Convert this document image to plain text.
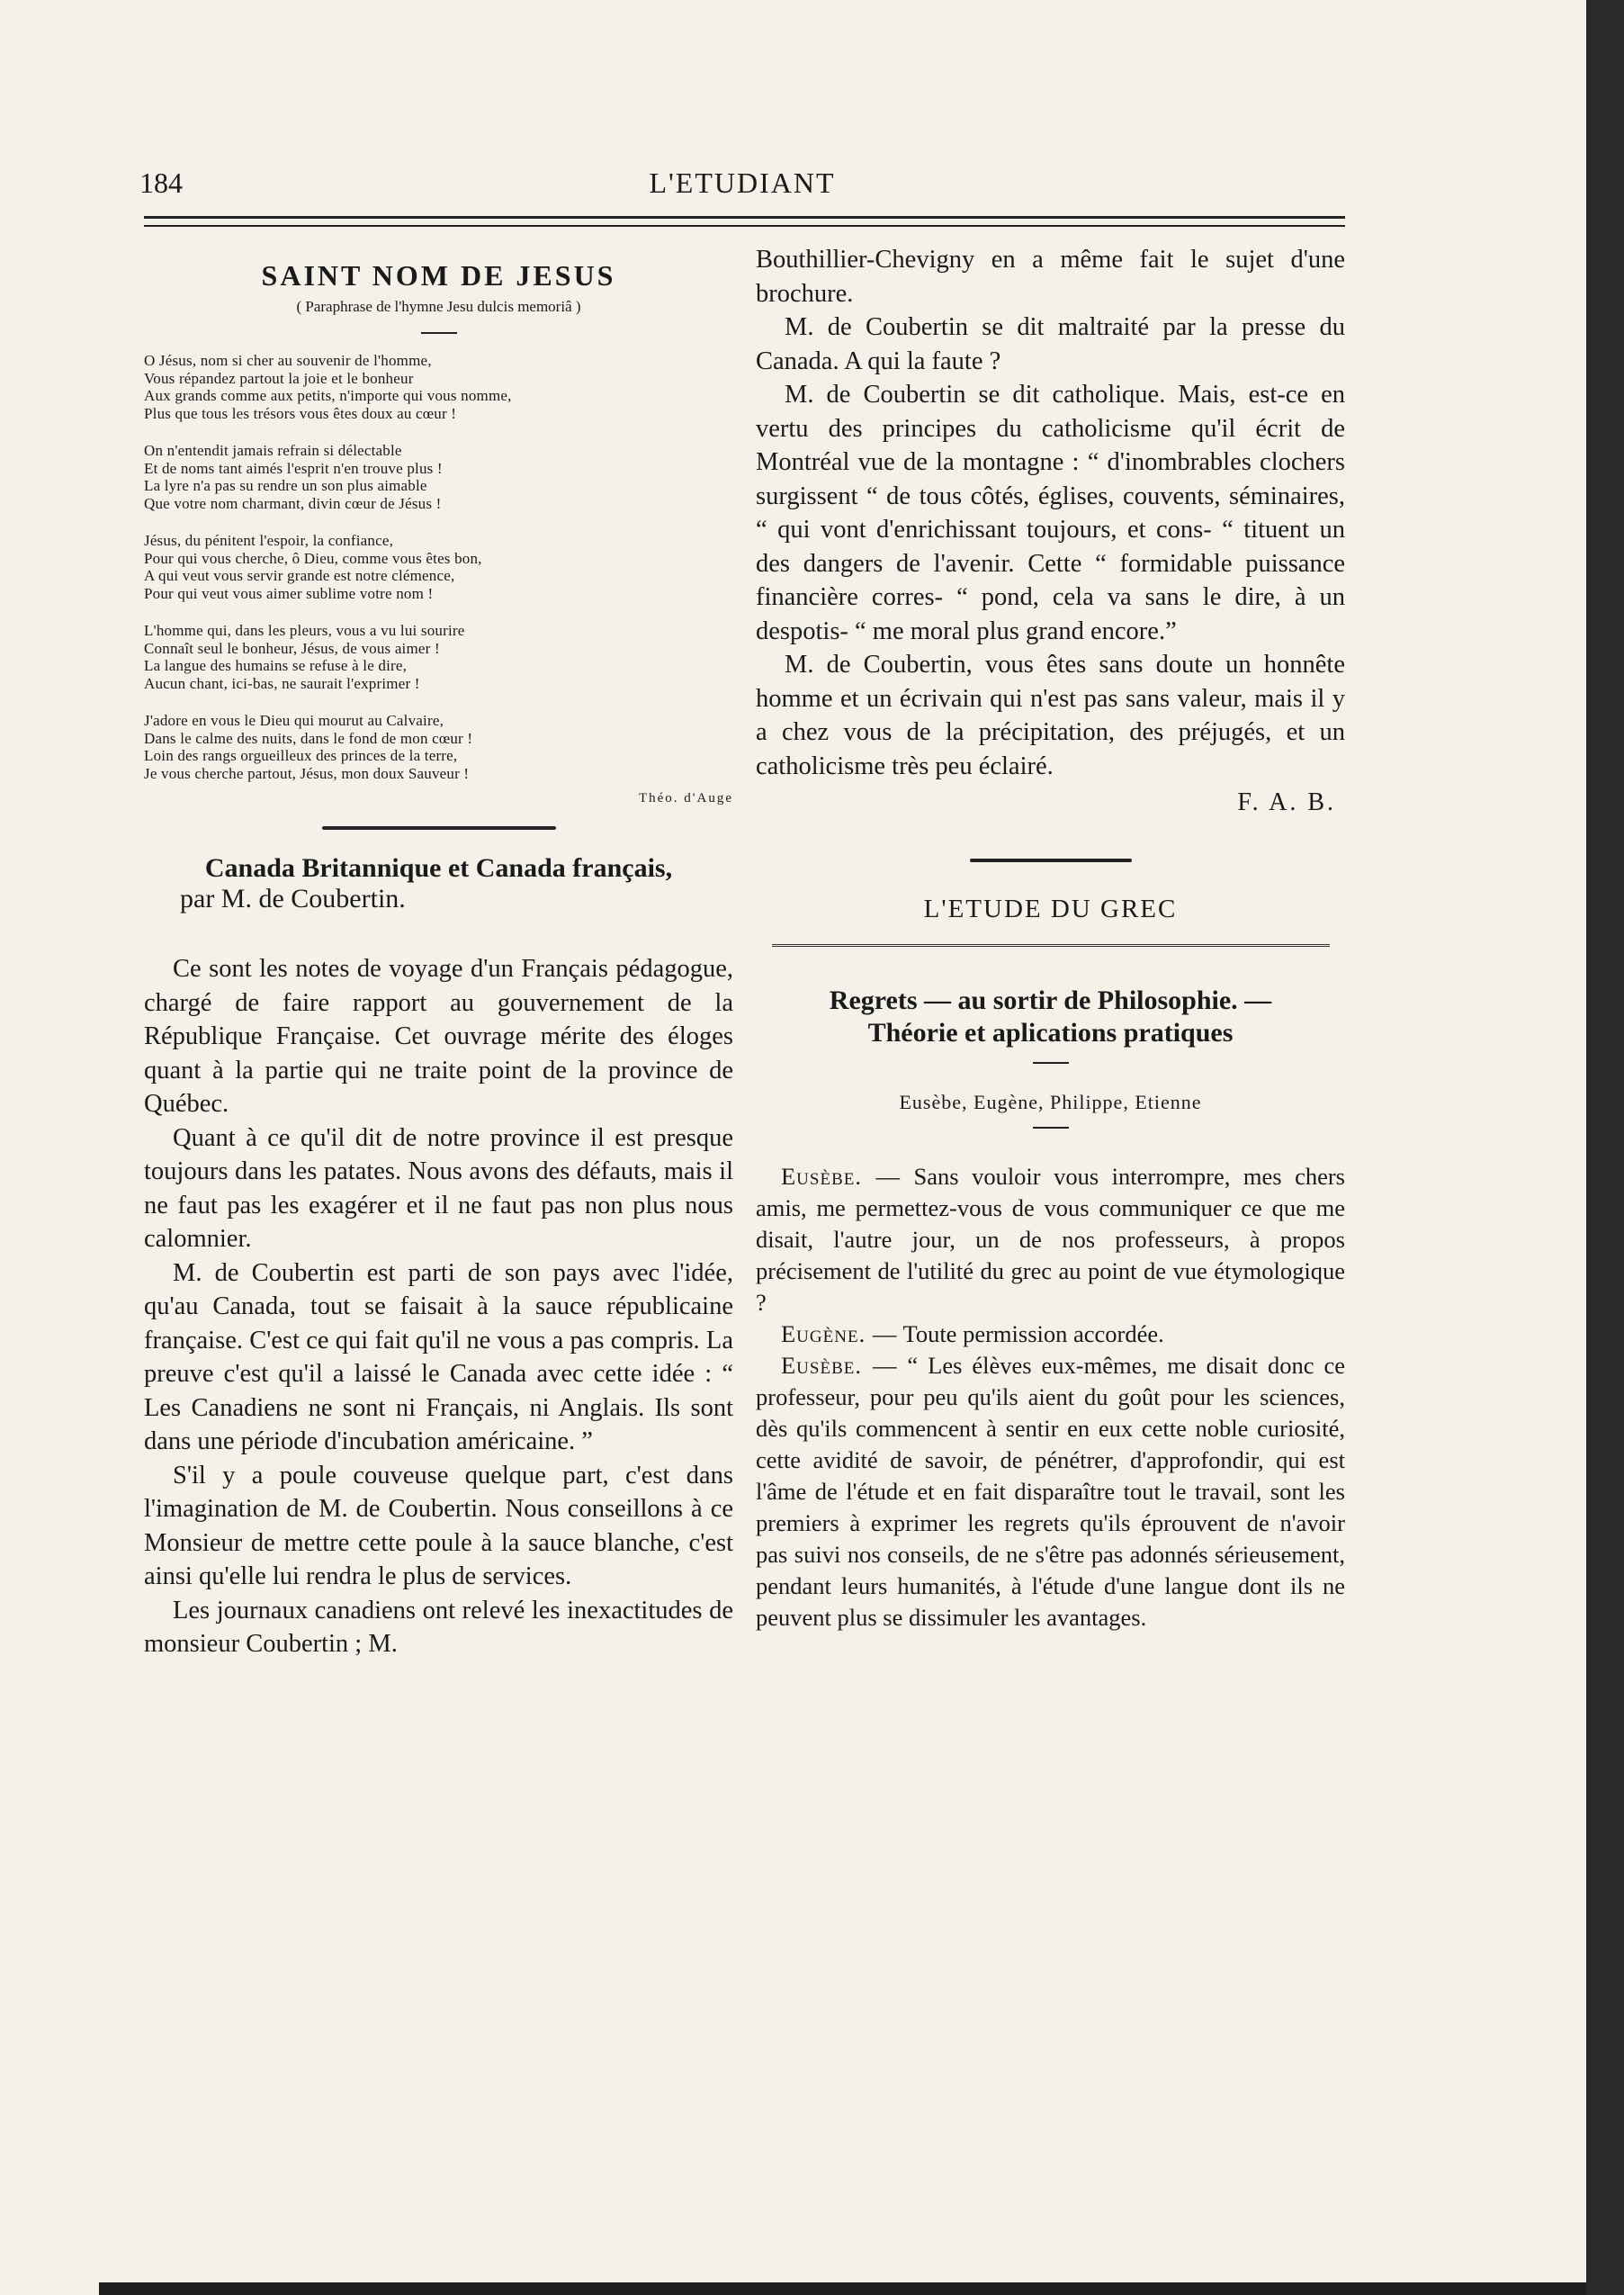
184	L'ETUDIANT
SAINT NOM DE JESUS
( Paraphrase de l'hymne Jesu dulcis memoriâ )
O Jésus, nom si cher au souvenir de l'homme,
Vous répandez partout la joie et le bonheur
Aux grands comme aux petits, n'importe qui vous nomme,
Plus que tous les trésors vous êtes doux au cœur !
On n'entendit jamais refrain si délectable
Et de noms tant aimés l'esprit n'en trouve plus !
La lyre n'a pas su rendre un son plus aimable
Que votre nom charmant, divin cœur de Jésus !
Jésus, du pénitent l'espoir, la confiance,
Pour qui vous cherche, ô Dieu, comme vous êtes bon,
A qui veut vous servir grande est notre clémence,
Pour qui veut vous aimer sublime votre nom !
L'homme qui, dans les pleurs, vous a vu lui sourire
Connaît seul le bonheur, Jésus, de vous aimer !
La langue des humains se refuse à le dire,
Aucun chant, ici-bas, ne saurait l'exprimer !
J'adore en vous le Dieu qui mourut au Calvaire,
Dans le calme des nuits, dans le fond de mon cœur !
Loin des rangs orgueilleux des princes de la terre,
Je vous cherche partout, Jésus, mon doux Sauveur !
Théo. d'Auge
Canada Britannique et Canada français,
par M. de Coubertin.

Ce sont les notes de voyage d'un Français pédagogue, chargé de faire rapport au gouvernement de la République Française. Cet ouvrage mérite des éloges quant à la partie qui ne traite point de la province de Québec.

Quant à ce qu'il dit de notre province il est presque toujours dans les patates. Nous avons des défauts, mais il ne faut pas les exagérer et il ne faut pas non plus nous calomnier.

M. de Coubertin est parti de son pays avec l'idée, qu'au Canada, tout se faisait à la sauce républicaine française. C'est ce qui fait qu'il ne vous a pas compris. La preuve c'est qu'il a laissé le Canada avec cette idée : “ Les Canadiens ne sont ni Français, ni Anglais. Ils sont dans une période d'incubation américaine. ”

S'il y a poule couveuse quelque part, c'est dans l'imagination de M. de Coubertin. Nous conseillons à ce Monsieur de mettre cette poule à la sauce blanche, c'est ainsi qu'elle lui rendra le plus de services.

Les journaux canadiens ont relevé les inexactitudes de monsieur Coubertin ; M.

Bouthillier-Chevigny en a même fait le sujet d'une brochure.

M. de Coubertin se dit maltraité par la presse du Canada. A qui la faute ?

M. de Coubertin se dit catholique. Mais, est-ce en vertu des principes du catholicisme qu'il écrit de Montréal vue de la montagne : “ d'inombrables clochers surgissent “ de tous côtés, églises, couvents, séminaires, “ qui vont d'enrichissant toujours, et cons- “ tituent un des dangers de l'avenir. Cette “ formidable puissance financière corres- “ pond, cela va sans le dire, à un despotis- “ me moral plus grand encore.”

M. de Coubertin, vous êtes sans doute un honnête homme et un écrivain qui n'est pas sans valeur, mais il y a chez vous de la précipitation, des préjugés, et un catholicisme très peu éclairé.

F. A. B.
L'ETUDE DU GREC
Regrets — au sortir de Philosophie. —
Théorie et aplications pratiques
Eusèbe, Eugène, Philippe, Etienne

Eusèbe. — Sans vouloir vous interrompre, mes chers amis, me permettez-vous de vous communiquer ce que me disait, l'autre jour, un de nos professeurs, à propos précisement de l'utilité du grec au point de vue étymologique ?

Eugène. — Toute permission accordée.

Eusèbe. — “ Les élèves eux-mêmes, me disait donc ce professeur, pour peu qu'ils aient du goût pour les sciences, dès qu'ils commencent à sentir en eux cette noble curiosité, cette avidité de savoir, de pénétrer, d'approfondir, qui est l'âme de l'étude et en fait disparaître tout le travail, sont les premiers à exprimer les regrets qu'ils éprouvent de n'avoir pas suivi nos conseils, de ne s'être pas adonnés sérieusement, pendant leurs humanités, à l'étude d'une langue dont ils ne peuvent plus se dissimuler les avantages.
